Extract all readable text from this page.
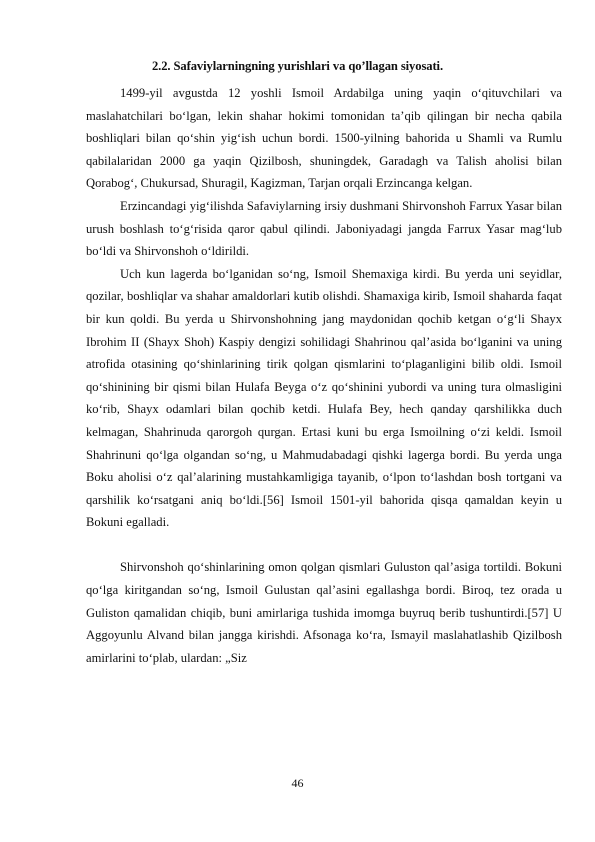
2.2. Safaviylarningning yurishlari va qo’llagan siyosati.

1499-yil avgustda 12 yoshli Ismoil Ardabilga uning yaqin o‘qituvchilari va maslahatchilari bo‘lgan, lekin shahar hokimi tomonidan ta’qib qilingan bir necha qabila boshliqlari bilan qo‘shin yig‘ish uchun bordi. 1500-yilning bahorida u Shamli va Rumlu qabilalaridan 2000 ga yaqin Qizilbosh, shuningdek, Garadagh va Talish aholisi bilan Qorabog‘, Chukursad, Shuragil, Kagizman, Tarjan orqali Erzincanga kelgan.

Erzincandagi yig‘ilishda Safaviylarning irsiy dushmani Shirvonshoh Farrux Yasar bilan urush boshlash to‘g‘risida qaror qabul qilindi. Jaboniyadagi jangda Farrux Yasar mag‘lub bo‘ldi va Shirvonshoh o‘ldirildi.

Uch kun lagerda bo‘lganidan so‘ng, Ismoil Shemaxiga kirdi. Bu yerda uni seyidlar, qozilar, boshliqlar va shahar amaldorlari kutib olishdi. Shamaxiga kirib, Ismoil shaharda faqat bir kun qoldi. Bu yerda u Shirvonshohning jang maydonidan qochib ketgan o‘g‘li Shayx Ibrohim II (Shayx Shoh) Kaspiy dengizi sohilidagi Shahrinou qal’asida bo‘lganini va uning atrofida otasining qo‘shinlarining tirik qolgan qismlarini to‘plaganligini bilib oldi. Ismoil qo‘shinining bir qismi bilan Hulafa Beyga o‘z qo‘shinini yubordi va uning tura olmasligini ko‘rib, Shayx odamlari bilan qochib ketdi. Hulafa Bey, hech qanday qarshilikka duch kelmagan, Shahrinuda qarorgoh qurgan. Ertasi kuni bu erga Ismoilning o‘zi keldi. Ismoil Shahrinuni qo‘lga olgandan so‘ng, u Mahmudabadagi qishki lagerga bordi. Bu yerda unga Boku aholisi o‘z qal’alarining mustahkamligiga tayanib, o‘lpon to‘lashdan bosh tortgani va qarshilik ko‘rsatgani aniq bo‘ldi.[56] Ismoil 1501-yil bahorida qisqa qamaldan keyin u Bokuni egalladi.

Shirvonshoh qo‘shinlarining omon qolgan qismlari Guluston qal’asiga tortildi. Bokuni qo‘lga kiritgandan so‘ng, Ismoil Gulustan qal’asini egallashga bordi. Biroq, tez orada u Guliston qamalidan chiqib, buni amirlariga tushida imomga buyruq berib tushuntirdi.[57] U Aggoyunlu Alvand bilan jangga kirishdi. Afsonaga ko‘ra, Ismayil maslahatlashib Qizilbosh amirlarini to‘plab, ulardan: „Siz

46
